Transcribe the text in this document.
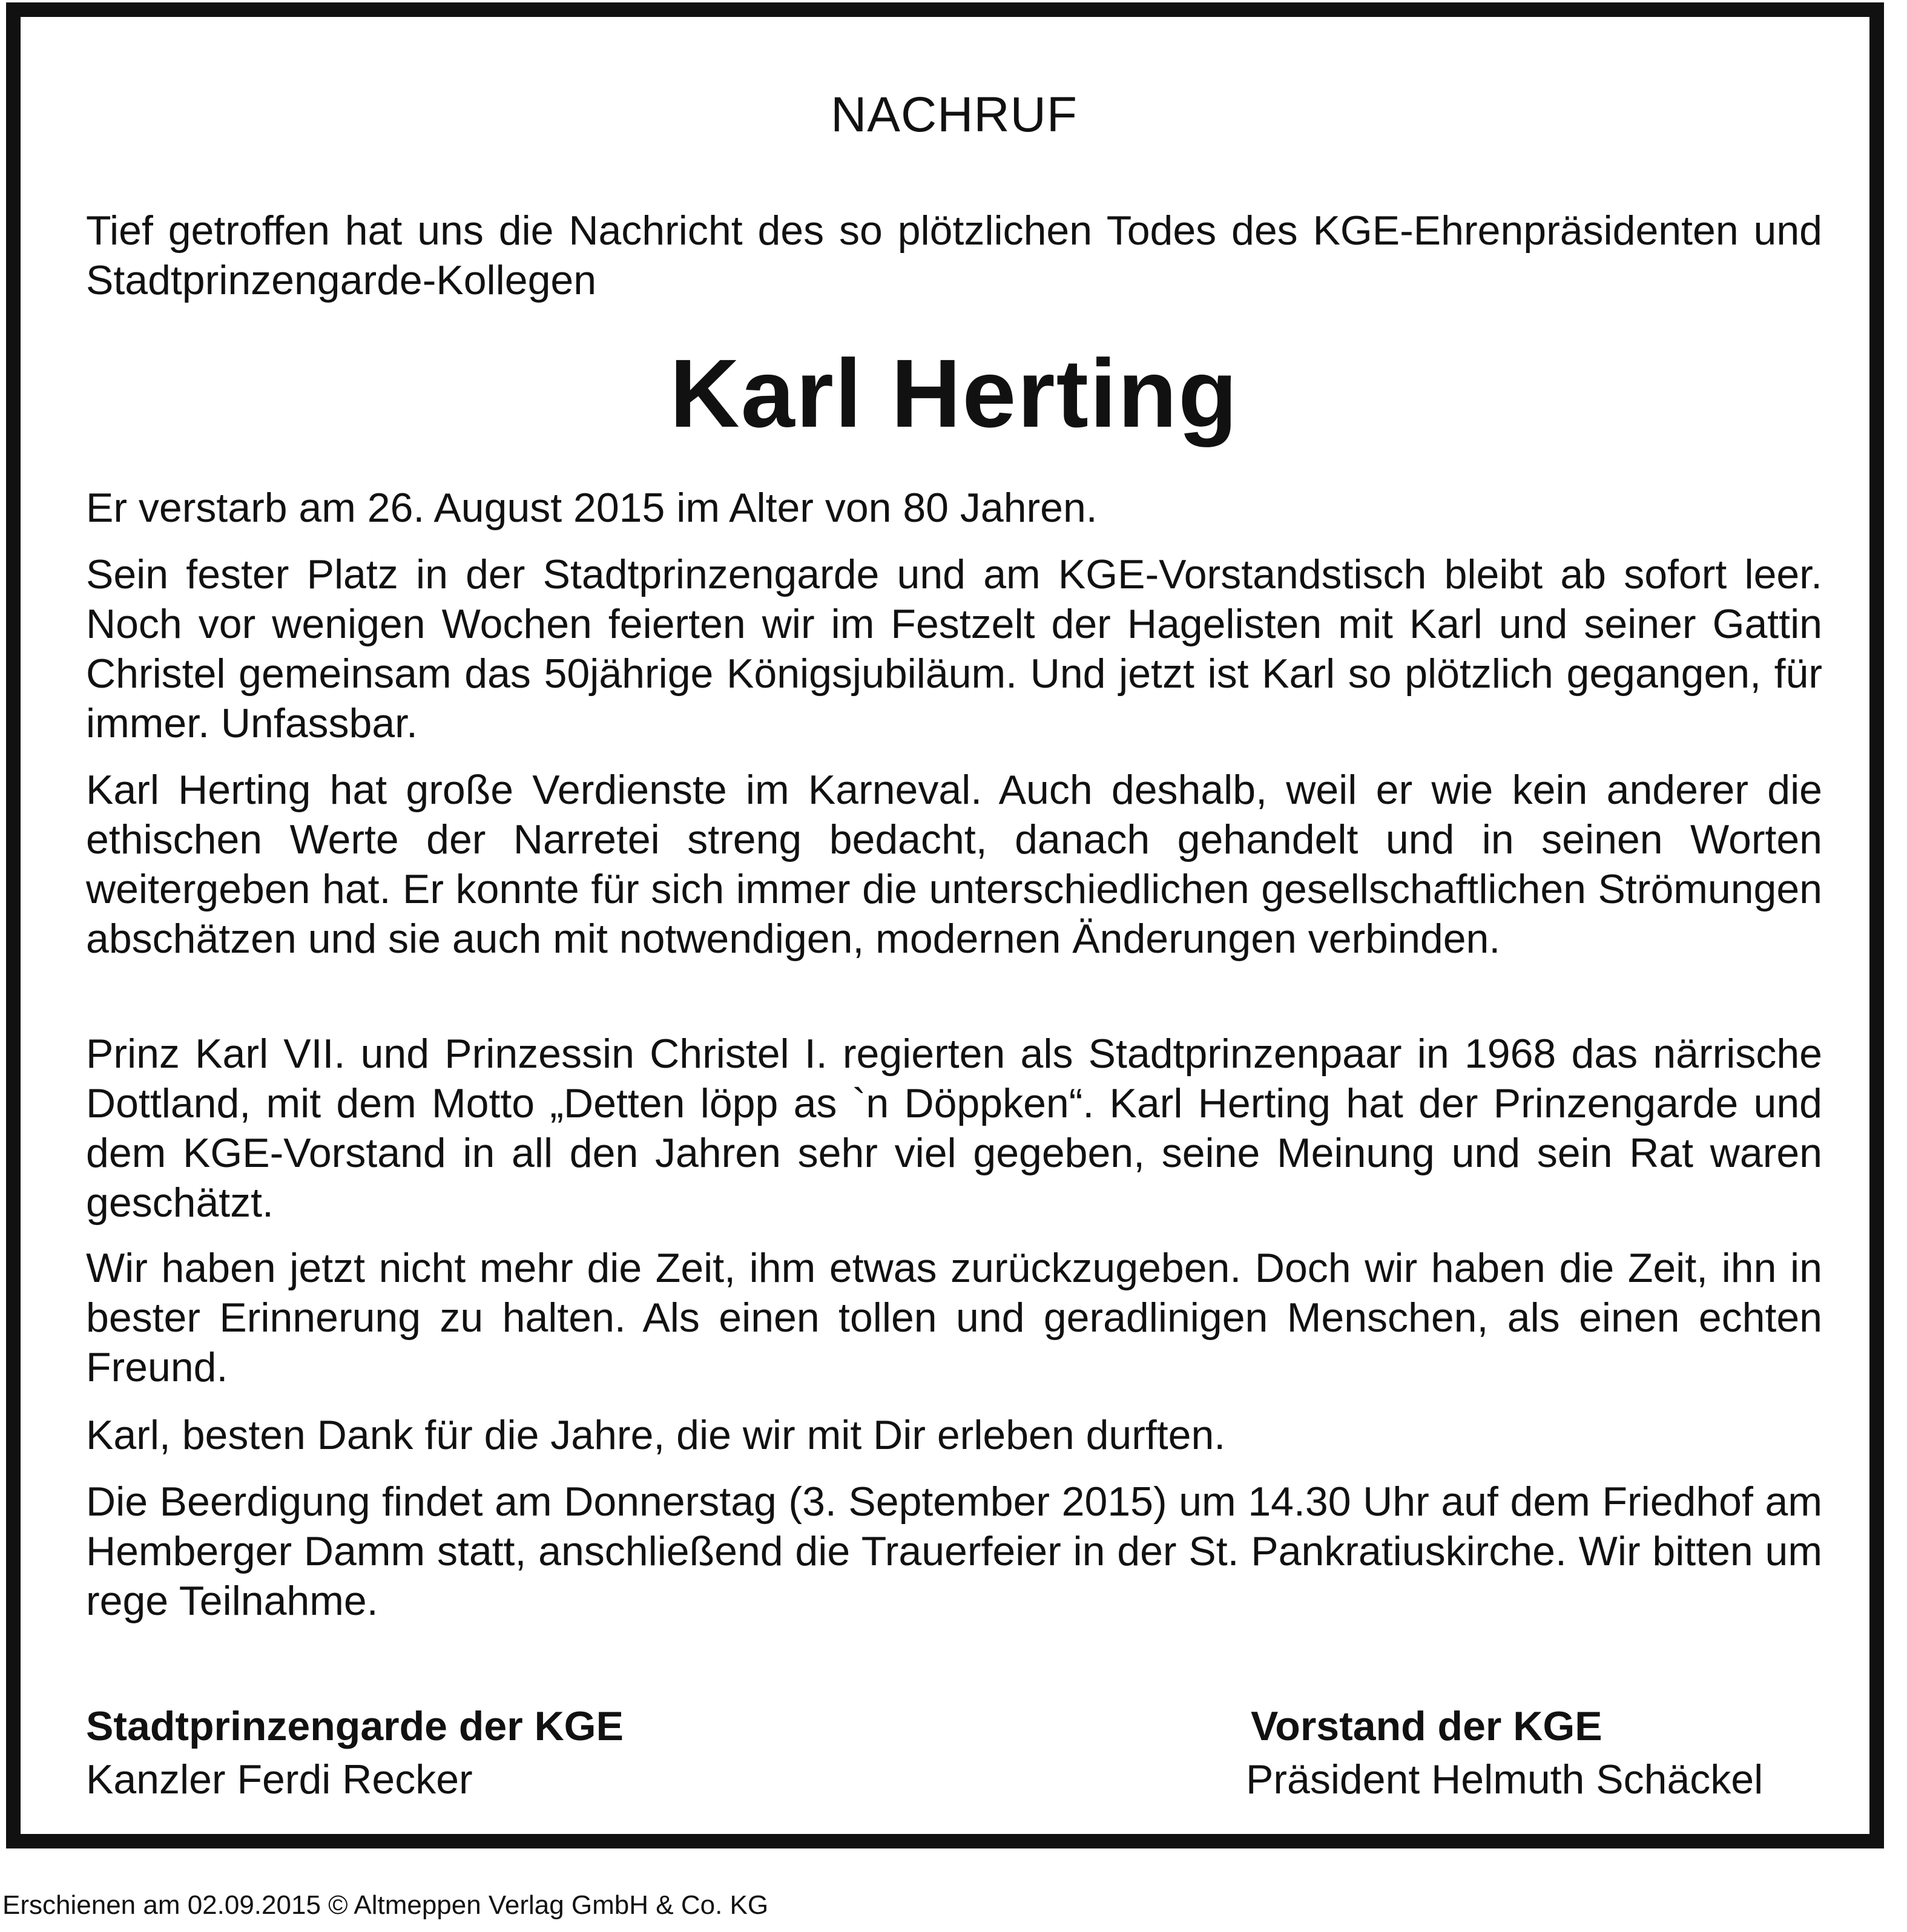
NACHRUF

Tief getroffen hat uns die Nachricht des so plötzlichen Todes des KGE-Ehrenpräsidenten und Stadtprinzengarde-Kollegen

Karl Herting

Er verstarb am 26. August 2015 im Alter von 80 Jahren.

Sein fester Platz in der Stadtprinzengarde und am KGE-Vorstandstisch bleibt ab sofort leer. Noch vor wenigen Wochen feierten wir im Festzelt der Hagelisten mit Karl und seiner Gattin Christel gemeinsam das 50jährige Königsjubiläum. Und jetzt ist Karl so plötzlich gegangen, für immer. Unfassbar.

Karl Herting hat große Verdienste im Karneval. Auch deshalb, weil er wie kein anderer die ethischen Werte der Narretei streng bedacht, danach gehandelt und in seinen Worten weitergeben hat. Er konnte für sich immer die unterschiedlichen gesellschaftlichen Strömungen abschätzen und sie auch mit notwendigen, modernen Änderungen verbinden.

Prinz Karl VII. und Prinzessin Christel I. regierten als Stadtprinzenpaar in 1968 das närrische Dottland, mit dem Motto „Detten löpp as `n Döppken“. Karl Herting hat der Prinzengarde und dem KGE-Vorstand in all den Jahren sehr viel gegeben, seine Meinung und sein Rat waren geschätzt.

Wir haben jetzt nicht mehr die Zeit, ihm etwas zurückzugeben. Doch wir haben die Zeit, ihn in bester Erinnerung zu halten. Als einen tollen und geradlinigen Menschen, als einen echten Freund.

Karl, besten Dank für die Jahre, die wir mit Dir erleben durften.

Die Beerdigung findet am Donnerstag (3. September 2015) um 14.30 Uhr auf dem Friedhof am Hemberger Damm statt, anschließend die Trauerfeier in der St. Pankratiuskirche. Wir bitten um rege Teilnahme.

Stadtprinzengarde der KGE
Kanzler Ferdi Recker
Vorstand der KGE
Präsident Helmuth Schäckel
Erschienen am 02.09.2015 © Altmeppen Verlag GmbH & Co. KG
